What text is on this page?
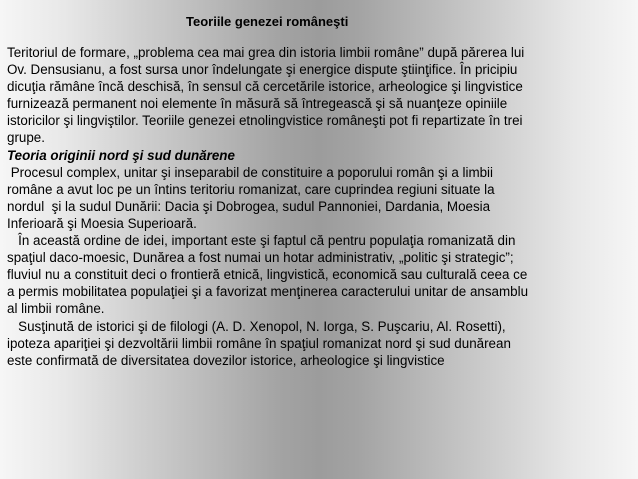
Teoriile genezei româneşti
Teritoriul de formare, „problema cea mai grea din istoria limbii române” după părerea lui
Ov. Densusianu, a fost sursa unor îndelungate şi energice dispute ştiinţifice. În pricipiu
dicuţia rămâne încă deschisă, în sensul că cercetările istorice, arheologice şi lingvistice
furnizează permanent noi elemente în măsură să întregească şi să nuanţeze opiniile
istoricilor şi lingviştilor. Teoriile genezei etnolingvistice româneşti pot fi repartizate în trei
grupe.
Teoria originii nord şi sud dunărene
Procesul complex, unitar şi inseparabil de constituire a poporului român şi a limbii
române a avut loc pe un întins teritoriu romanizat, care cuprindea regiuni situate la
nordul  şi la sudul Dunării: Dacia şi Dobrogea, sudul Pannoniei, Dardania, Moesia
Inferioară şi Moesia Superioară.
În această ordine de idei, important este şi faptul că pentru populaţia romanizată din
spaţiul daco-moesic, Dunărea a fost numai un hotar administrativ, „politic şi strategic”;
fluviul nu a constituit deci o frontieră etnică, lingvistică, economică sau culturală ceea ce
a permis mobilitatea populaţiei şi a favorizat menţinerea caracterului unitar de ansamblu
al limbii române.
Susţinută de istorici şi de filologi (A. D. Xenopol, N. Iorga, S. Puşcariu, Al. Rosetti),
ipoteza apariţiei şi dezvoltării limbii române în spaţiul romanizat nord şi sud dunărean
este confirmată de diversitatea dovezilor istorice, arheologice şi lingvistice
